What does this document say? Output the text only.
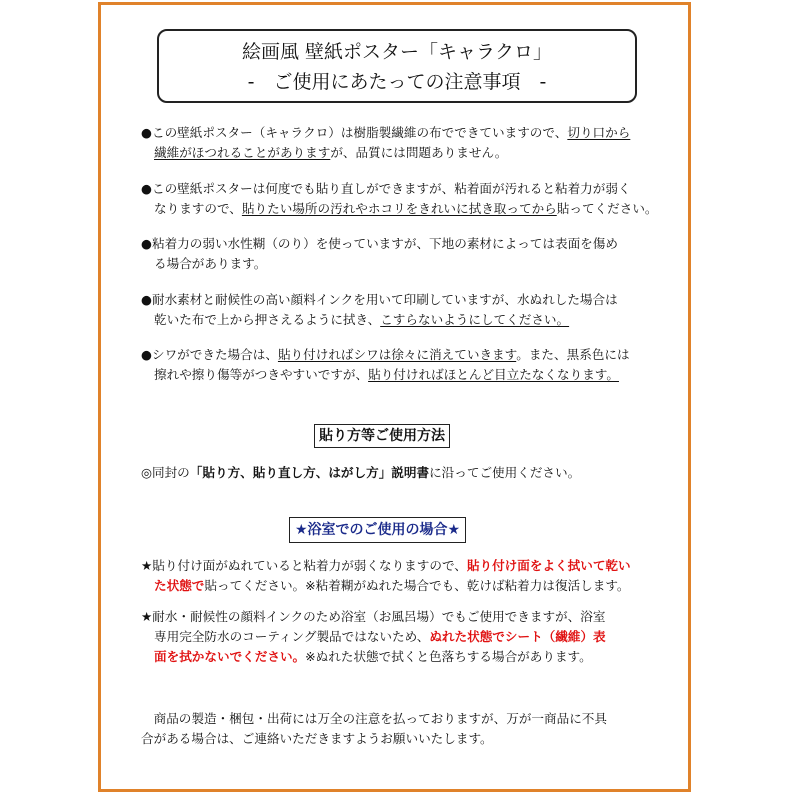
絵画風 壁紙ポスター「キャラクロ」
-　ご使用にあたっての注意事項　-
●この壁紙ポスター（キャラクロ）は樹脂製繊維の布でできていますので、切り口から
繊維がほつれることがありますが、品質には問題ありません。
●この壁紙ポスターは何度でも貼り直しができますが、粘着面が汚れると粘着力が弱く
なりますので、貼りたい場所の汚れやホコリをきれいに拭き取ってから貼ってください。
●粘着力の弱い水性糊（のり）を使っていますが、下地の素材によっては表面を傷め
る場合があります。
●耐水素材と耐候性の高い顔料インクを用いて印刷していますが、水ぬれした場合は
乾いた布で上から押さえるように拭き、こすらないようにしてください。
●シワができた場合は、貼り付ければシワは徐々に消えていきます。また、黒系色には
擦れや擦り傷等がつきやすいですが、貼り付ければほとんど目立たなくなります。
貼り方等ご使用方法
◎同封の「貼り方、貼り直し方、はがし方」説明書に沿ってご使用ください。
★浴室でのご使用の場合★
★貼り付け面がぬれていると粘着力が弱くなりますので、貼り付け面をよく拭いて乾い
た状態で貼ってください。※粘着糊がぬれた場合でも、乾けば粘着力は復活します。
★耐水・耐候性の顔料インクのため浴室（お風呂場）でもご使用できますが、浴室
専用完全防水のコーティング製品ではないため、ぬれた状態でシート（繊維）表
面を拭かないでください。※ぬれた状態で拭くと色落ちする場合があります。
　商品の製造・梱包・出荷には万全の注意を払っておりますが、万が一商品に不具
合がある場合は、ご連絡いただきますようお願いいたします。
